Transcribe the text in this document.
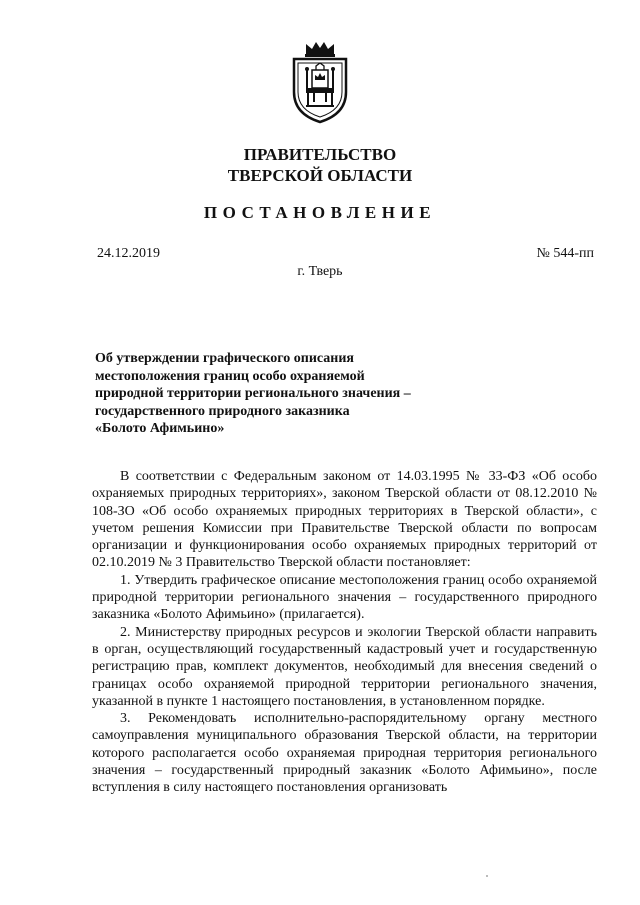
ПРАВИТЕЛЬСТВО
ТВЕРСКОЙ ОБЛАСТИ
ПОСТАНОВЛЕНИЕ
24.12.2019	№ 544-пп
г. Тверь
Об утверждении графического описания
местоположения границ особо охраняемой
природной территории регионального значения –
государственного природного заказника
«Болото Афимьино»

В соответствии с Федеральным законом от 14.03.1995 № 33-ФЗ «Об особо охраняемых природных территориях», законом Тверской области от 08.12.2010 № 108-ЗО «Об особо охраняемых природных территориях в Тверской области», с учетом решения Комиссии при Правительстве Тверской области по вопросам организации и функционирования особо охраняемых природных территорий от 02.10.2019 № 3 Правительство Тверской области постановляет:

1. Утвердить графическое описание местоположения границ особо охраняемой природной территории регионального значения – государственного природного заказника «Болото Афимьино» (прилагается).

2. Министерству природных ресурсов и экологии Тверской области направить в орган, осуществляющий государственный кадастровый учет и государственную регистрацию прав, комплект документов, необходимый для внесения сведений о границах особо охраняемой природной территории регионального значения, указанной в пункте 1 настоящего постановления, в установленном порядке.

3. Рекомендовать исполнительно-распорядительному органу местного самоуправления муниципального образования Тверской области, на территории которого располагается особо охраняемая природная территория регионального значения – государственный природный заказник «Болото Афимьино», после вступления в силу настоящего постановления организовать
